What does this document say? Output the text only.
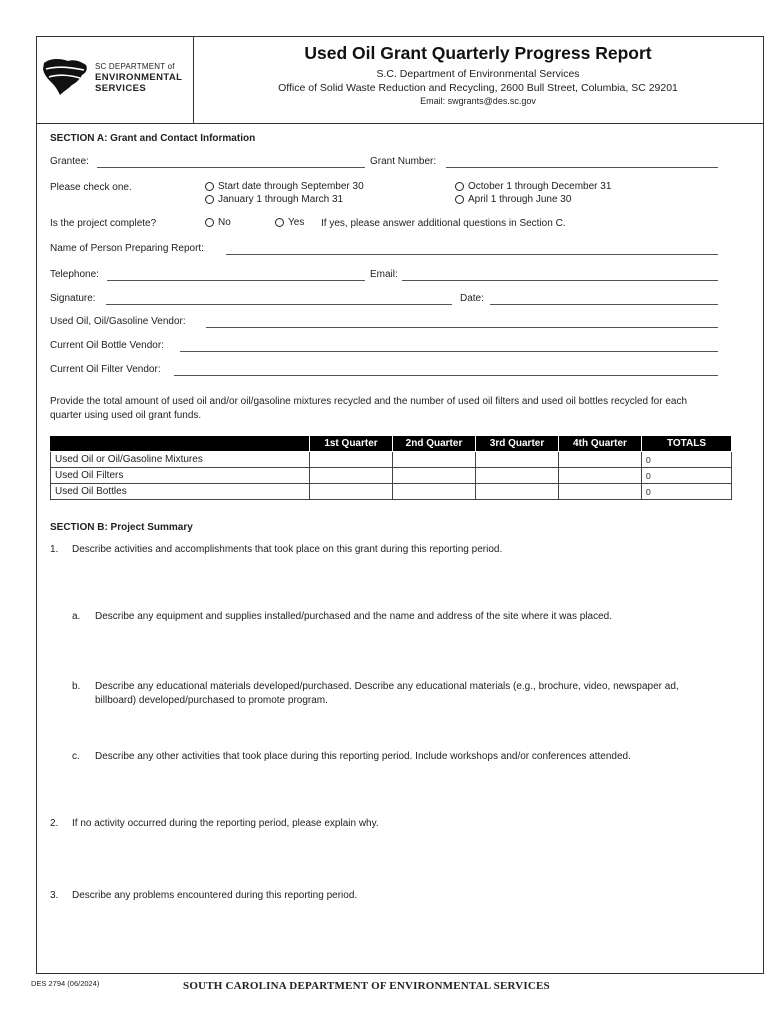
SC DEPARTMENT of
ENVIRONMENTAL
SERVICES
Used Oil Grant Quarterly Progress Report
S.C. Department of Environmental Services
Office of Solid Waste Reduction and Recycling, 2600 Bull Street, Columbia, SC 29201
Email: swgrants@des.sc.gov
SECTION A: Grant and Contact Information
Grantee:	Grant Number:
Please check one.	Start date through September 30
January 1 through March 31
October 1 through December 31
April 1 through June 30
Is the project complete?	No	Yes If yes, please answer additional questions in Section C.
Name of Person Preparing Report:
Telephone:	Email:
Signature:	Date:
Used Oil, Oil/Gasoline Vendor:
Current Oil Bottle Vendor:
Current Oil Filter Vendor:
Provide the total amount of used oil and/or oil/gasoline mixtures recycled and the number of used oil filters and used oil bottles recycled for each quarter using used oil grant funds.
	1st Quarter	2nd Quarter	3rd Quarter	4th Quarter	TOTALS
Used Oil or Oil/Gasoline Mixtures					0
Used Oil Filters					0
Used Oil Bottles					0
SECTION B: Project Summary
1. Describe activities and accomplishments that took place on this grant during this reporting period.
a. Describe any equipment and supplies installed/purchased and the name and address of the site where it was placed.
b. Describe any educational materials developed/purchased. Describe any educational materials (e.g., brochure, video, newspaper ad, billboard) developed/purchased to promote program.
c. Describe any other activities that took place during this reporting period. Include workshops and/or conferences attended.
2. If no activity occurred during the reporting period, please explain why.
3. Describe any problems encountered during this reporting period.
DES 2794 (06/2024)	SOUTH CAROLINA DEPARTMENT OF ENVIRONMENTAL SERVICES
